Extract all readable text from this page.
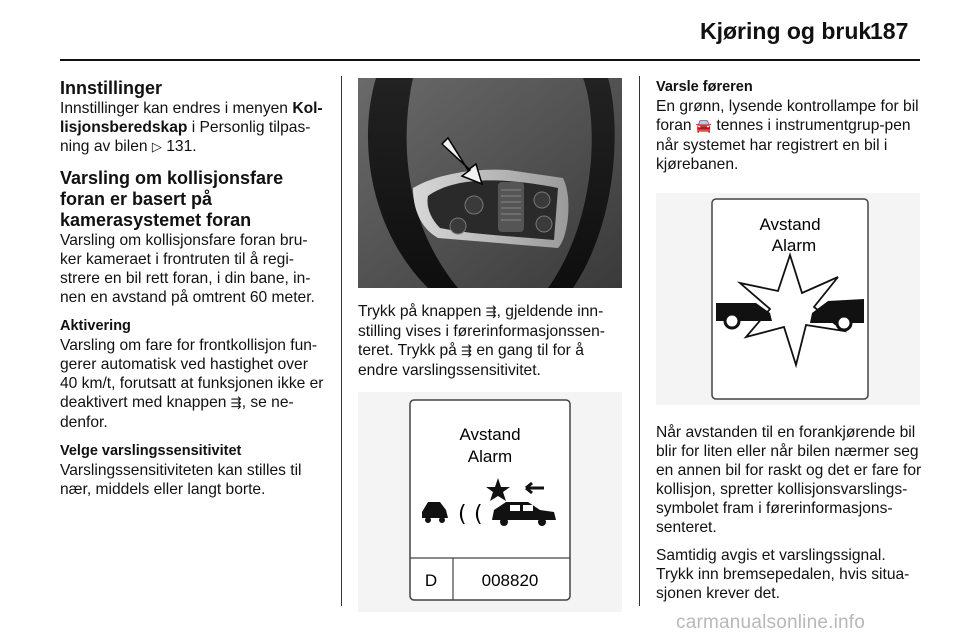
Kjøring og bruk
187
Innstillinger

Innstillinger kan endres i menyen Kol-lisjonsberedskap i Personlig tilpas-ning av bilen ▷ 131.

Varsling om kollisjonsfare foran er basert på kamerasystemet foran

Varsling om kollisjonsfare foran bru-ker kameraet i frontruten til å regi-strere en bil rett foran, i din bane, in-nen en avstand på omtrent 60 meter.

Aktivering

Varsling om fare for frontkollisjon fun-gerer automatisk ved hastighet over 40 km/t, forutsatt at funksjonen ikke er deaktivert med knappen ⇶, se ne-denfor.

Velge varslingssensitivitet

Varslingssensitiviteten kan stilles til nær, middels eller langt borte.

Trykk på knappen ⇶, gjeldende inn-stilling vises i førerinformasjonssen-teret. Trykk på ⇶ en gang til for å endre varslingssensitivitet.

Avstand
Alarm
( (
D	008820
Varsle føreren

En grønn, lysende kontrollampe for bil foran 🚘 tennes i instrumentgrup-pen når systemet har registrert en bil i kjørebanen.

Avstand
Alarm

Når avstanden til en forankjørende bil blir for liten eller når bilen nærmer seg en annen bil for raskt og det er fare for kollisjon, spretter kollisjonsvarslings-symbolet fram i førerinformasjons-senteret.

Samtidig avgis et varslingssignal. Trykk inn bremsepedalen, hvis situa-sjonen krever det.

carmanualsonline.info
